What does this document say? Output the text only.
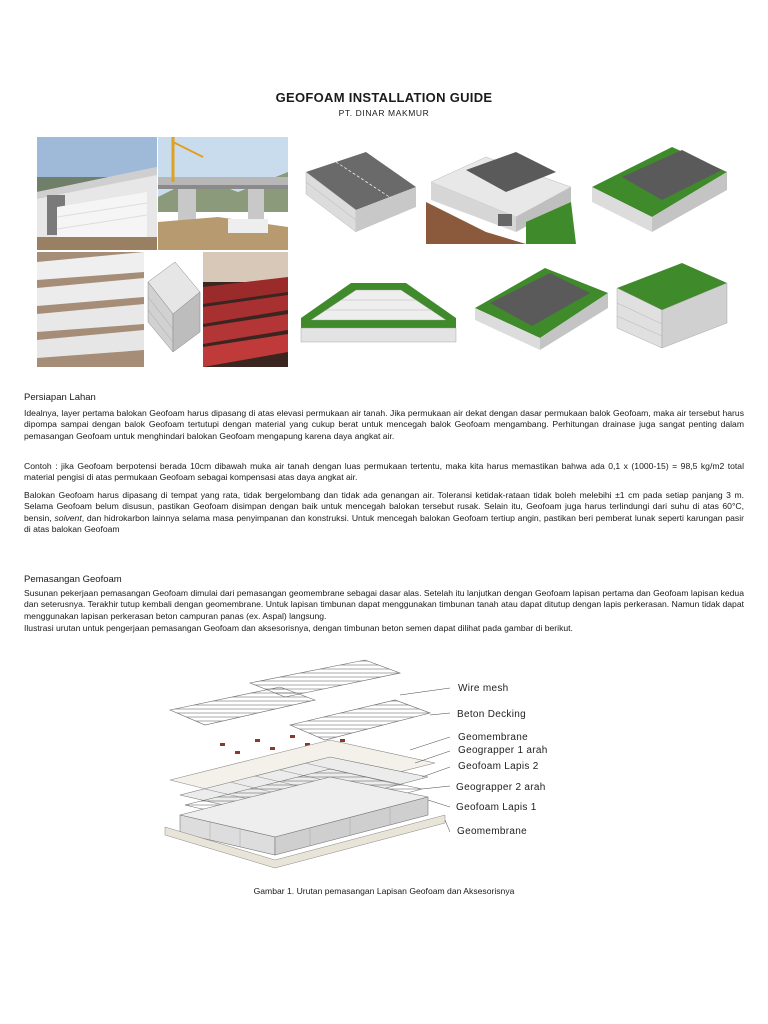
GEOFOAM INSTALLATION GUIDE
PT. DINAR MAKMUR
Persiapan Lahan

Idealnya, layer pertama balokan Geofoam harus dipasang di atas elevasi permukaan air tanah. Jika permukaan air dekat dengan dasar permukaan balok Geofoam, maka air tersebut harus dipompa sampai dengan balok Geofoam tertutupi dengan material yang cukup berat untuk mencegah balok Geofoam mengambang. Perhitungan drainase juga sangat penting dalam pemasangan Geofoam untuk menghindari balokan Geofoam mengapung karena daya angkat air.

Contoh : jika Geofoam berpotensi berada 10cm dibawah muka air tanah dengan luas permukaan tertentu, maka kita harus memastikan bahwa ada 0,1 x (1000-15) = 98,5 kg/m2 total material pengisi di atas permukaan Geofoam sebagai kompensasi atas daya angkat air.

Balokan Geofoam harus dipasang di tempat yang rata, tidak bergelombang dan tidak ada genangan air. Toleransi ketidak-rataan tidak boleh melebihi ±1 cm pada setiap panjang 3 m. Selama Geofoam belum disusun, pastikan Geofoam disimpan dengan baik untuk mencegah balokan tersebut rusak. Selain itu, Geofoam juga harus terlindungi dari suhu di atas 60°C, bensin, solvent, dan hidrokarbon lainnya selama masa penyimpanan dan konstruksi. Untuk mencegah balokan Geofoam tertiup angin, pastikan beri pemberat lunak seperti karungan pasir di atas balokan Geofoam

Pemasangan Geofoam

Susunan pekerjaan pemasangan Geofoam dimulai dari pemasangan geomembrane sebagai dasar alas. Setelah itu lanjutkan dengan Geofoam lapisan pertama dan Geofoam lapisan kedua dan seterusnya. Terakhir tutup kembali dengan geomembrane. Untuk lapisan timbunan dapat menggunakan timbunan tanah atau dapat ditutup dengan lapis perkerasan. Namun tidak dapat menggunakan lapisan perkerasan beton campuran panas (ex. Aspal) langsung.

Ilustrasi urutan untuk pengerjaan pemasangan Geofoam dan aksesorisnya, dengan timbunan beton semen dapat dilihat pada gambar di berikut.

Wire mesh
Beton Decking
Geomembrane
Geograpper 1 arah
Geofoam Lapis 2
Geograpper 2 arah
Geofoam Lapis 1
Geomembrane
Gambar 1. Urutan pemasangan Lapisan Geofoam dan Aksesorisnya
